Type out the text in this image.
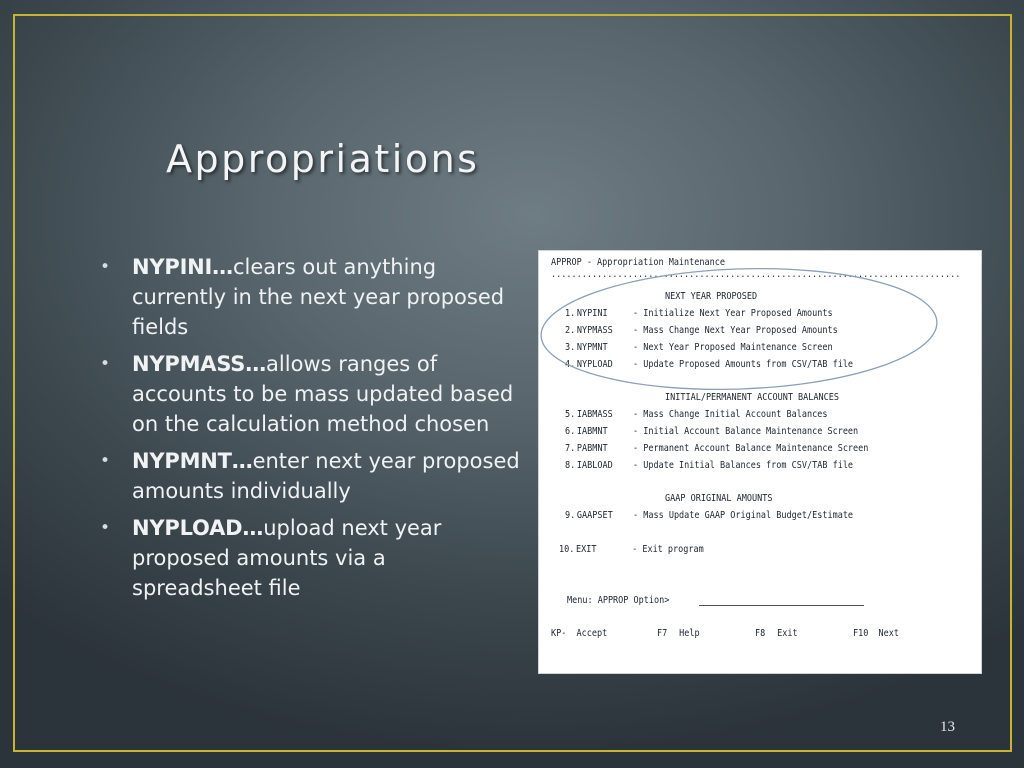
Appropriations
• NYPINI…clears out anything currently in the next year proposed fields
• NYPMASS…allows ranges of accounts to be mass updated based on the calculation method chosen
• NYPMNT…enter next year proposed amounts individually
• NYPLOAD…upload next year proposed amounts via a spreadsheet file
APPROP - Appropriation Maintenance
................................................................................
NEXT YEAR PROPOSED
1. NYPINI	- Initialize Next Year Proposed Amounts
2. NYPMASS - Mass Change Next Year Proposed Amounts
3. NYPMNT	- Next Year Proposed Maintenance Screen
4. NYPLOAD - Update Proposed Amounts from CSV/TAB file
INITIAL/PERMANENT ACCOUNT BALANCES
5. IABMASS - Mass Change Initial Account Balances
6. IABMNT	- Initial Account Balance Maintenance Screen
7. PABMNT	- Permanent Account Balance Maintenance Screen
8. IABLOAD - Update Initial Balances from CSV/TAB file
GAAP ORIGINAL AMOUNTS
9. GAAPSET - Mass Update GAAP Original Budget/Estimate
10. EXIT	- Exit program
Menu: APPROP Option>
KP- Accept	F7 Help	F8 Exit	F10 Next
13
